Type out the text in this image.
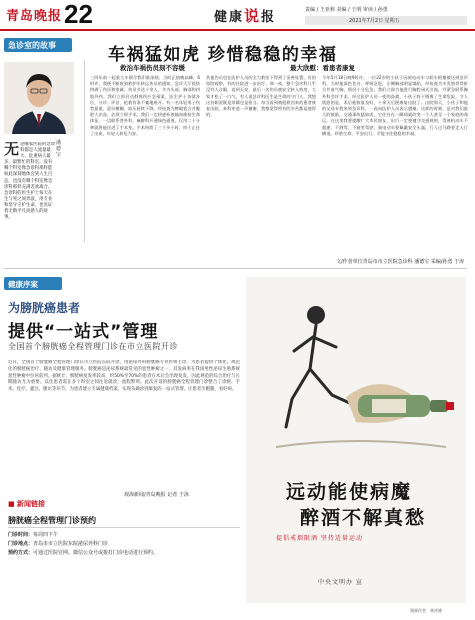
青岛晚报 22	健康说报	责编 / 王亚莉 美编 / 王明 审读 / 孙勇
2021年7月2日 星期五
急诊室的故事	车祸猛如虎 珍惜稳稳的幸福
潘德宝
无论哪家医院的急诊科都是人流量最大、危重病人最多、最繁忙的科室。没有哪个科室像急诊科那样能如此深刻地体会到人生百态，也没有哪个科室像急诊科那样充满悲欢离合。急诊科的医生护士每天在生与死之间奔波，用专业和坚守守护生命，也见证着无数平凡而感人的故事。
救治车祸伤员刻不容缓	最大欣慰：看患者康复
三四年前一起重大车祸令我印象深刻。当时正值晚高峰，6时许，我便不断收到救护车转运伤员的通知，急诊大厅很快挤满了伤员和家属。伤员多达十余人，多为头部、胸部和四肢外伤。我们立即启动群体伤应急预案，医生护士各就各位，分诊、评估、抢救有条不紊地展开。有一名年轻男子伤势最重，意识模糊，血压持续下降，经检查为脾破裂合并腹腔大出血，必须立即手术。我们一边快速补液输血维持生命体征，一边联系普外科、麻醉科开通绿色通道，仅用二十分钟就将他送进了手术室。手术持续了三个多小时，终于止住了出血，年轻人转危为安。
其他伤员也在医护人员的全力救治下得到了妥善处置，有的留院观察，有的住院进一步治疗。那一夜，整个急诊科几乎没有人合眼，直到天亮，最后一名伤员被安全转入病房，大家才松了一口气。有人说急诊科医生是生命的守门人，我想这份职责既是荣耀也是担当。每当看到被抢救回来的患者康复出院，来科室道一声谢谢，我都觉得所有的辛苦都是值得的。
今年5月18日晚9时许，一位22岁的小伙子因骑电动车与轿车相撞被送到急诊科，当时他面色苍白、呼吸急促，左侧胸部明显塌陷，经检查为多发肋骨骨折合并血气胸，情况十分危急。我们立即为他进行胸腔闭式引流，并紧急联系胸外科会诊手术。经过医护人员一夜的奋战，小伙子终于脱离了生命危险。令人欣慰的是，术后他恢复良好，十余天后便康复出院了。出院那天，小伙子和他的父母专程来到急诊科，一再向医护人员表示感谢。这样的时刻，是对我们最大的鼓励。交通事故猛如虎，它往往在一瞬间就改变一个人甚至一个家庭的命运。在这里我要提醒广大市民朋友，出行一定要遵守交通规则，驾驶机动车不超速、不酒驾、不疲劳驾驶，骑电动车要佩戴安全头盔，行人过马路要走人行横道。珍惜生命，平安出行，才能守住稳稳的幸福。
文/作者单位青岛市市立医院急诊科 潘德宝 采编/孙勇 于涛
健康序案
为膀胱癌患者
提供“一站式”管理
全国首个膀胱癌全程管理门诊在市立医院开诊
近日，全国首个膀胱癌全程管理门诊在市立医院东院开诊，由泌尿外科膀胱癌专业医师主诊，为患者提供个体化、规范化的膀胱癌治疗、随访及健康管理服务。膀胱癌是泌尿系统最常见的恶性肿瘤之一，其发病率在我国男性泌尿生殖系统恶性肿瘤中位居前列。据统计，膀胱癌复发率较高，约50%至70%的患者在术后会出现复发，因此规范的综合治疗与长期随访尤为重要。以往患者需在多个科室之间往返就诊，流程繁琐。此次开设的膀胱癌全程管理门诊整合了诊断、手术、化疗、灌注、随访等环节，为患者建立专属健康档案，实现从确诊到康复的一站式管理，让患者少跑腿、看好病。
观海新闻/青岛晚报 记者 于泳	远动能使病魔
醉酒不解真愁
提倡戒烟限酒 坚持适量运动
中央文明办 宣
■ 新闻链接
膀胱癌全程管理门诊预约
门诊时间：每周四下午
门诊地点：青岛市市立医院东院泌尿外科门诊
预约方式：可通过医院官网、微信公众号或拨打门诊电话进行预约。
漫画作者：林祥德
